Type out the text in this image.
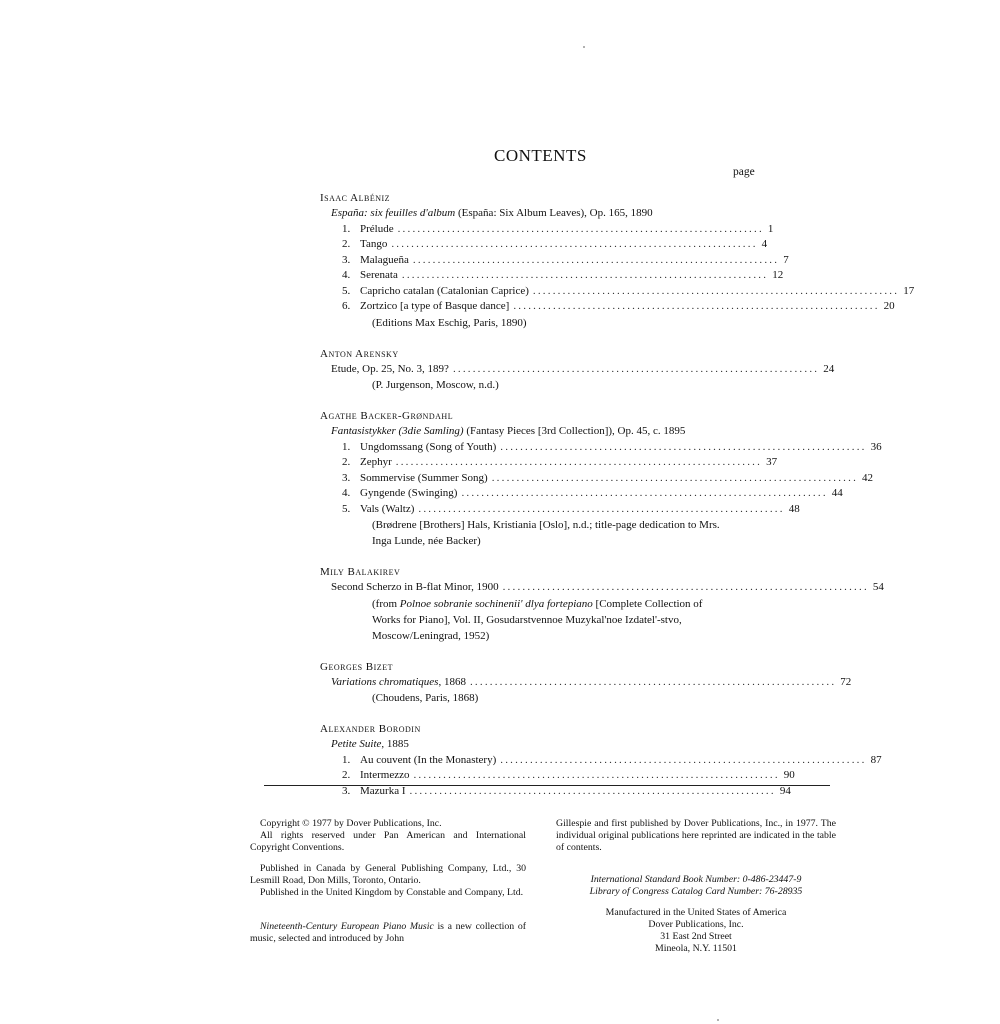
CONTENTS
page
Isaac Albéniz
España: six feuilles d'album (España: Six Album Leaves), Op. 165, 1890
1. Prélude .......................................................................... 1
2. Tango .......................................................................... 4
3. Malagueña .......................................................................... 7
4. Serenata .......................................................................... 12
5. Capricho catalan (Catalonian Caprice) .......................................................................... 17
6. Zortzico [a type of Basque dance] .......................................................................... 20
(Editions Max Eschig, Paris, 1890)
Anton Arensky
Etude, Op. 25, No. 3, 189? .......................................................................... 24
(P. Jurgenson, Moscow, n.d.)
Agathe Backer-Grøndahl
Fantasistykker (3die Samling) (Fantasy Pieces [3rd Collection]), Op. 45, c. 1895
1. Ungdomssang (Song of Youth) .......................................................................... 36
2. Zephyr .......................................................................... 37
3. Sommervise (Summer Song) .......................................................................... 42
4. Gyngende (Swinging) .......................................................................... 44
5. Vals (Waltz) .......................................................................... 48
(Brødrene [Brothers] Hals, Kristiania [Oslo], n.d.; title-page dedication to Mrs. Inga Lunde, née Backer)
Mily Balakirev
Second Scherzo in B-flat Minor, 1900 .......................................................................... 54
(from Polnoe sobranie sochinenii' dlya fortepiano [Complete Collection of Works for Piano], Vol. II, Gosudarstvennoe Muzykal'noe Izdatel'-stvo, Moscow/Leningrad, 1952)
Georges Bizet
Variations chromatiques, 1868 .......................................................................... 72
(Choudens, Paris, 1868)
Alexander Borodin
Petite Suite, 1885
1. Au couvent (In the Monastery) .......................................................................... 87
2. Intermezzo .......................................................................... 90
3. Mazurka I .......................................................................... 94

Copyright © 1977 by Dover Publications, Inc.

All rights reserved under Pan American and International Copyright Conventions.

Published in Canada by General Publishing Company, Ltd., 30 Lesmill Road, Don Mills, Toronto, Ontario.

Published in the United Kingdom by Constable and Company, Ltd.

Nineteenth-Century European Piano Music is a new collection of music, selected and introduced by John

Gillespie and first published by Dover Publications, Inc., in 1977. The individual original publications here reprinted are indicated in the table of contents.

International Standard Book Number: 0-486-23447-9

Library of Congress Catalog Card Number: 76-28935

Manufactured in the United States of America

Dover Publications, Inc.

31 East 2nd Street

Mineola, N.Y. 11501
